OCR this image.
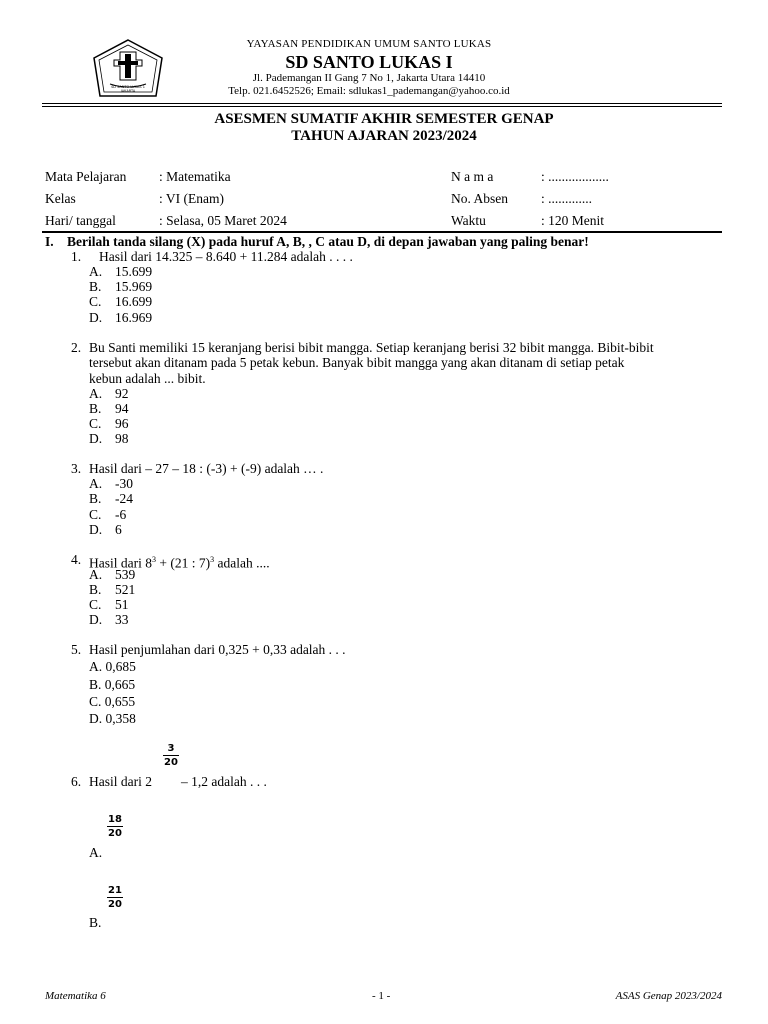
SD SANTO LUKAS 1 JAKARTA
YAYASAN PENDIDIKAN UMUM SANTO LUKAS
SD SANTO LUKAS I
Jl. Pademangan II Gang 7 No 1, Jakarta Utara 14410
Telp. 021.6452526; Email: sdlukas1_pademangan@yahoo.co.id
ASESMEN SUMATIF AKHIR SEMESTER GENAP
TAHUN AJARAN 2023/2024
Mata Pelajaran : Matematika	N a m a	: ..................
Kelas	: VI (Enam)	No. Absen : .............
Hari/ tanggal	: Selasa, 05 Maret 2024	Waktu	: 120 Menit
I. Berilah tanda silang (X) pada huruf A, B, , C atau D, di depan jawaban yang paling benar!
1. Hasil dari 14.325 – 8.640 + 11.284 adalah . . . .
A. 15.699
B. 15.969
C. 16.699
D. 16.969
2. Bu Santi memiliki 15 keranjang berisi bibit mangga. Setiap keranjang berisi 32 bibit mangga. Bibit-bibit
tersebut akan ditanam pada 5 petak kebun. Banyak bibit mangga yang akan ditanam di setiap petak
kebun adalah ... bibit.
A. 92
B. 94
C. 96
D. 98
3. Hasil dari – 27 – 18 : (-3) + (-9) adalah … .
A. -30
B. -24
C. -6
D. 6
4. Hasil dari $8^3 + (21$ : 7)$^3$ adalah ....
A. 539
B. 521
C. 51
D. 33
5. Hasil penjumlahan dari 0,325 + 0,33 adalah . . .
A. 0,685
B. 0,665
C. 0,655
D. 0,358
3
20
6. Hasil dari 2 – 1,2 adalah . . .
18
20
A.
21
20
B.
Matematika 6	- 1 -	ASAS Genap 2023/2024
